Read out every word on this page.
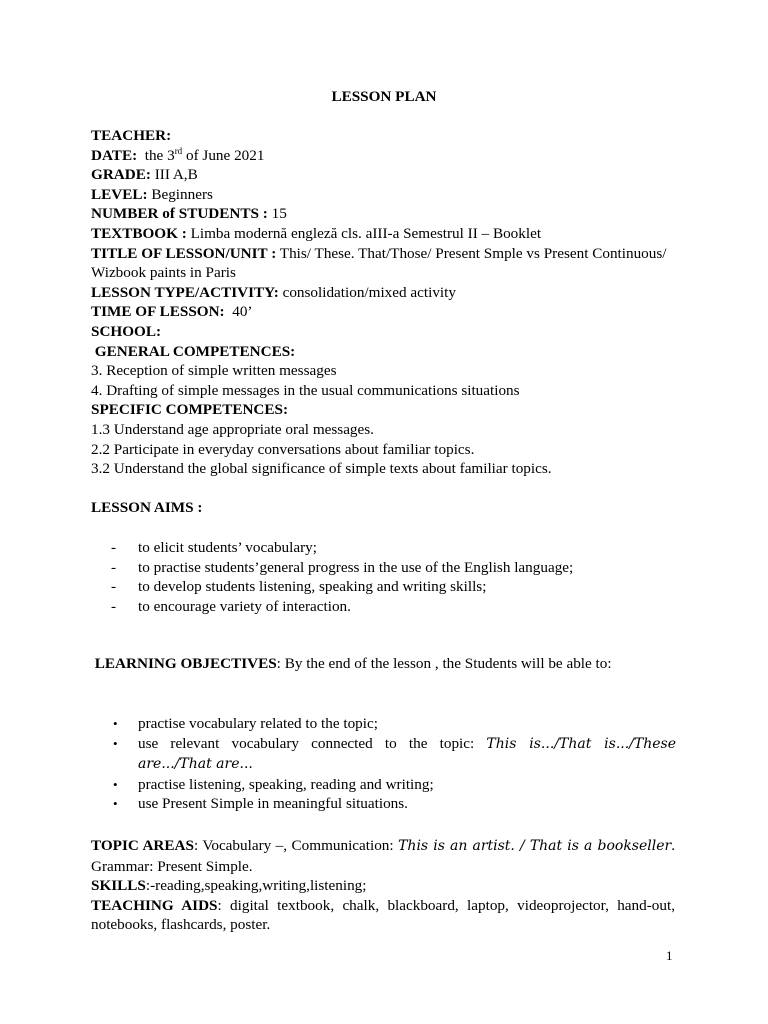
LESSON PLAN
TEACHER:
DATE: the 3rd of June 2021
GRADE: III A,B
LEVEL: Beginners
NUMBER of STUDENTS : 15
TEXTBOOK : Limba modernă engleză cls. aIII-a Semestrul II – Booklet
TITLE OF LESSON/UNIT : This/ These. That/Those/ Present Smple vs Present Continuous/ Wizbook paints in Paris
LESSON TYPE/ACTIVITY: consolidation/mixed activity
TIME OF LESSON: 40’
SCHOOL:
GENERAL COMPETENCES:
3. Reception of simple written messages
4. Drafting of simple messages in the usual communications situations
SPECIFIC COMPETENCES:
1.3 Understand age appropriate oral messages.
2.2 Participate in everyday conversations about familiar topics.
3.2 Understand the global significance of simple texts about familiar topics.
LESSON AIMS :
- to elicit students’ vocabulary;
- to practise students’general progress in the use of the English language;
- to develop students listening, speaking and writing skills;
- to encourage variety of interaction.
LEARNING OBJECTIVES: By the end of the lesson , the Students will be able to:
• practise vocabulary related to the topic;
• use relevant vocabulary connected to the topic: This is.../That is.../These are.../That are...
• practise listening, speaking, reading and writing;
• use Present Simple in meaningful situations.
TOPIC AREAS: Vocabulary –, Communication: This is an artist. / That is a bookseller. Grammar: Present Simple.
SKILLS:-reading,speaking,writing,listening;
TEACHING AIDS: digital textbook, chalk, blackboard, laptop, videoprojector, hand-out, notebooks, flashcards, poster.
1
